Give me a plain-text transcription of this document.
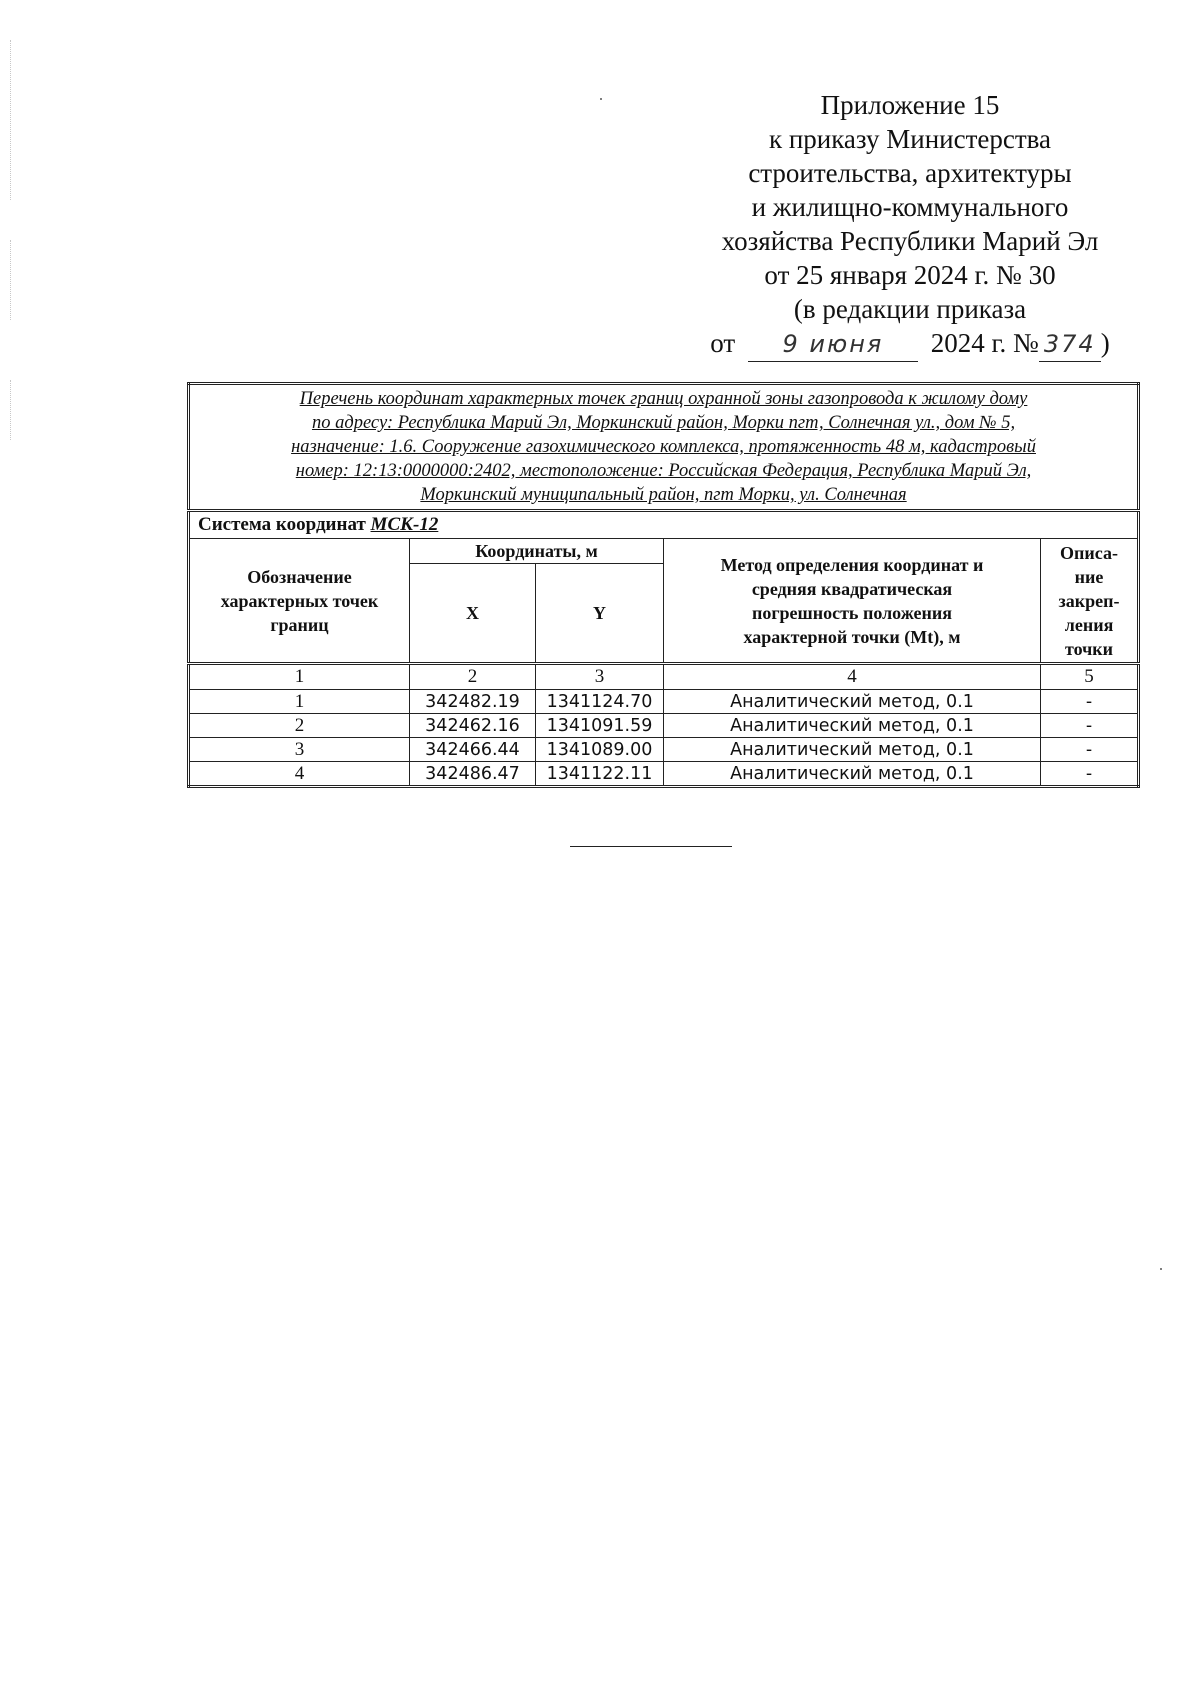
Приложение 15
к приказу Министерства
строительства, архитектуры
и жилищно-коммунального
хозяйства Республики Марий Эл
от 25 января 2024 г. № 30
(в редакции приказа
от 9 июня 2024 г. № 374 )
Перечень координат характерных точек границ охранной зоны газопровода к жилому дому
по адресу: Республика Марий Эл, Моркинский район, Морки пгт, Солнечная ул., дом № 5,
назначение: 1.6. Сооружение газохимического комплекса, протяженность 48 м, кадастровый
номер: 12:13:0000000:2402, местоположение: Российская Федерация, Республика Марий Эл,
Моркинский муниципальный район, пгт Морки, ул. Солнечная				

Система координат МСК-12				

Обозначение
характерных точек
границ	Координаты, м		Метод определения координат и
средняя квадратическая
погрешность положения
характерной точки (Mt), м	Описа-
ние
закреп-
ления
точки

	X	Y		
1	2	3	4	5
1	342482.19	1341124.70	Аналитический метод, 0.1	-
2	342462.16	1341091.59	Аналитический метод, 0.1	-
3	342466.44	1341089.00	Аналитический метод, 0.1	-
4	342486.47	1341122.11	Аналитический метод, 0.1	-
